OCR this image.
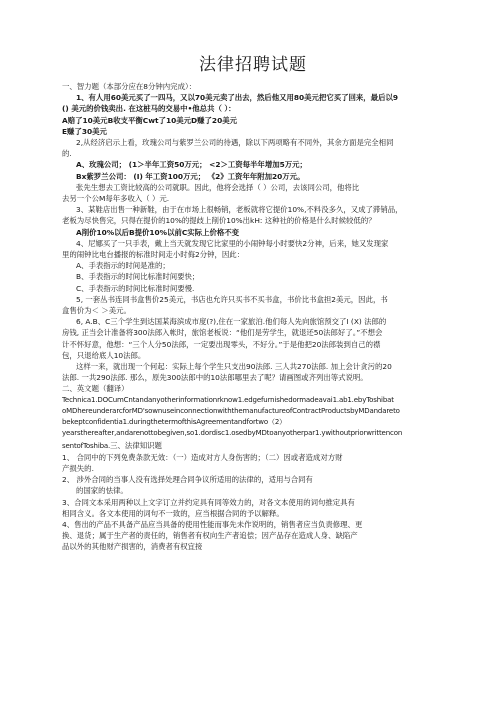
法律招聘试题

一、智力题（本部分应在8分钟内完成）：

1、有人用60美元买了一四马，又以70美元卖了出去，然后他又用80美元把它买了回来，最后以9

() 美元的价钱卖出. 在这桩马的交易中•他总共（ ）：

A赔了10美元B收支平衡Cwt了10美元D赚了20美元

E赚了30美元

2,从经济启示上看，玫瑰公司与紫罗兰公司的待遇，除以下两项略有不同外，其余方面是完全相同

的.

A、玫瑰公司； (1＞半年工资50万元； <2＞工资每半年增加5万元；

Bx紫罗兰公司： (I) 年工资100万元； 《2》工资年年附加20万元。

张先生想去工资比较高的公司就职。因此，他将会选择（ ）公司，去该同公司，他将比

去另一个公M每年多收入（ ）元.

3、某鞋店出售一种新鞋，由于在市场上很畅销，老板就将它提价10%,不料没多久，又成了滞销品，

老板为尽快售完，只得在提价的10%的提歧上削价10%出kH: 这种社的价格是什么时候较低的？

A削价10%以后B提价10%以前C实际上价格不变

4、尼娜买了一只手表，戴上当天就发现它比家里的小闹钟每小时要快2分神，后来，她又发现家

里的闹钟比电台播报的标准时间走小时侮2分钟，因此：

A、手表指示的时间是准的；

B、手表指示的时间比标准时间要快；

C、手表指示的时间比标准时间要慢.

5, 一套丛书连同书盒售价25美元，书店也允许只买书不买书盒，书价比书盒担2美元，因此，书

盒售价为＜ ＞美元。

6, A.B、C三个学生到达国某海滨成市度(?),住在一家旅泊.他们每人先向旅馆预交了I (X) 法郎的

房钱, 正当会计准备将300法郎入帐时，旅馆老板说：“他们是劳学生，就退还50法郎好了。”不想会

计不怀好意，他想：“三个人分50法郎，一定要出现零头，不好分。”于是他把20法郎装到自己的襟

包，只退给底人10法郎。

这样一来，就出现一个何起：实际上每个学生只支出90法郎. 三人共270法郎. 加上会计贪污的20

法郎. 一共290法郎. 那么，原先300法郎中的10法郎哪里去了呢？请画图或齐列出等式说明。

二、英文题（翻译）

Technica1.DOCumCntandanyotherinformationrknow1.edgefurnishedormadeavai1.ab1.ebyToshibat

oMDhereunderarcforMD'sownuseinconnectionwiththemanufactureofContractProductsbyMDandareto

bekeptconfidentia1.duringthetermofthisAgreementandfortwo（2）

yearsthereafter,andarenottobegiven,so1.dordisc1.osedbyMDtoanyotherpar1.ywithoutpriorwrittencon

sentofToshiba.

三、法律知识题

1、 合同中的下列免费条款无效：（一）造成对方人身伤害的；（二）因或者造成对方财

产损失的.

2、 涉外合同的当事人没有选择处理合同争议所适用的法律的，适用与合同有

的国家的怯律。

3、合同文本采用两种以上文字订立并约定具有同等效力的，对各文本使用的词句推定具有

相同含义。各文本使用的词句不一致的，应当根据合同的予以解释。

4、售出的产品不具备产品应当具备的使用性能而事先未作说明的，销售者应当负责修理、更

换、退货；属于生产者的责任的，销售者有权向生产者追偿；因产品存在造成人身、缺陷产

品以外的其他财产损害的，消费者有权宜接
